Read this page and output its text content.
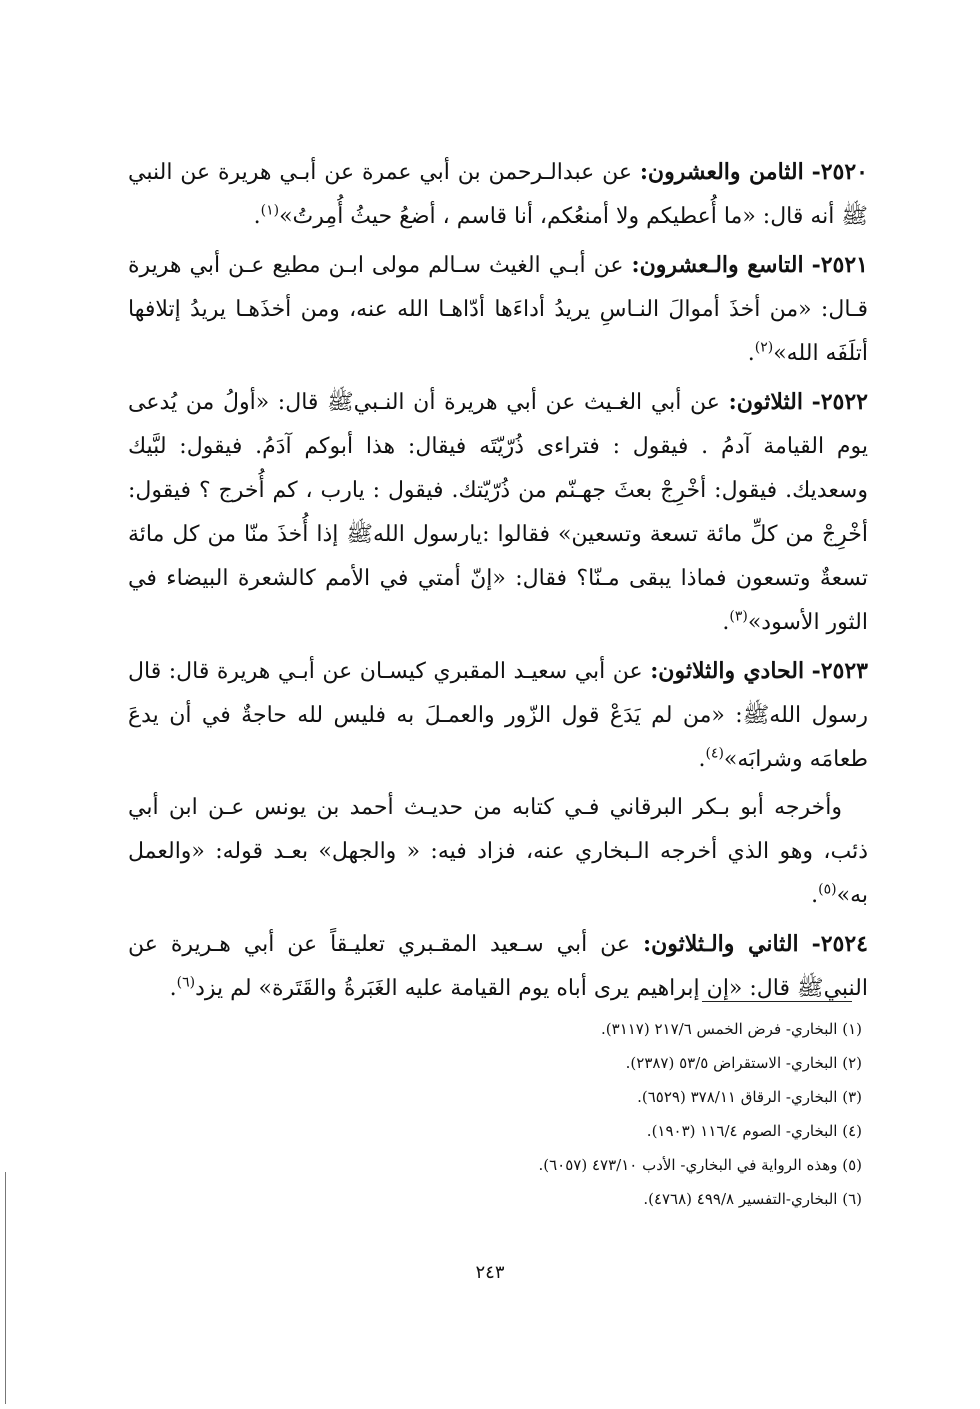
٢٥٢٠- الثامن والعشرون: عن عبدالـرحمن بن أبي عمرة عن أبـي هريرة عن النبي ﷺ أنه قال: «ما أُعطيكم ولا أمنعُكم، أنا قاسم ، أضعُ حيثُ أُمِرتُ»$^{(١)}$.

٢٥٢١- التاسع والـعشرون: عن أبـي الغيث سـالم مولى ابـن مطيع عـن أبي هريرة قـال: «من أخذَ أموالَ النـاسِ يريدُ أداءَها أدّاهـا الله عنه، ومن أخذَهـا يريدُ إتلافها أتلَفَه الله»$^{(٢)}$.

٢٥٢٢- الثلاثون: عن أبي الغـيث عن أبي هريرة أن النـبيﷺ قال: «أولُ من يُدعى يوم القيامة آدمُ . فيقول : فتراءى ذُرّيّتَه فيقال: هذا أبوكم آدَمُ. فيقول: لبَّيك وسعديك. فيقول: أخْرِجْ بعثَ جهـنّم من ذُرّيّتك. فيقول : يارب ، كم أُخرج ؟ فيقول: أخْرِجْ من كلِّ مائة تسعة وتسعين» فقالوا :يارسول اللهﷺ إذا أُخذَ منّا من كل مائة تسعةٌ وتسعون فماذا يبقى مـنّا؟ فقال: «إنّ أمتي في الأمم كالشعرة البيضاء في الثور الأسود»$^{(٣)}$.

٢٥٢٣- الحادي والثلاثون: عن أبي سعيـد المقبري كيسـان عن أبـي هريرة قال: قال رسول اللهﷺ: «من لم يَدَعْ قول الزّور والعمـلَ به فليس لله حاجةٌ في أن يدعَ طعامَه وشرابَه»$^{(٤)}$.

وأخرجه أبو بـكر البرقاني فـي كتابه من حديـث أحمد بن يونس عـن ابن أبي ذئب، وهو الذي أخرجه الـبخاري عنه، فزاد فيه: « والجهل» بعـد قوله: «والعمل به»$^{(٥)}$.

٢٥٢٤- الثاني والـثلاثون: عن أبي سـعيد المقـبري تعليـقاً عن أبي هـريرة عن النبيﷺ قال: «إن إبراهيم يرى أباه يوم القيامة عليه الغَبَرةُ والقَتَرة» لم يزد$^{(٦)}$.

(١) البخاري- فرض الخمس ٢١٧/٦ (٣١١٧).

(٢) البخاري- الاستقراض ٥٣/٥ (٢٣٨٧).

(٣) البخاري- الرقاق ٣٧٨/١١ (٦٥٢٩).

(٤) البخاري- الصوم ١١٦/٤ (١٩٠٣).

(٥) وهذه الرواية في البخاري- الأدب ٤٧٣/١٠ (٦٠٥٧).

(٦) البخاري-التفسير ٤٩٩/٨ (٤٧٦٨).

٢٤٣
